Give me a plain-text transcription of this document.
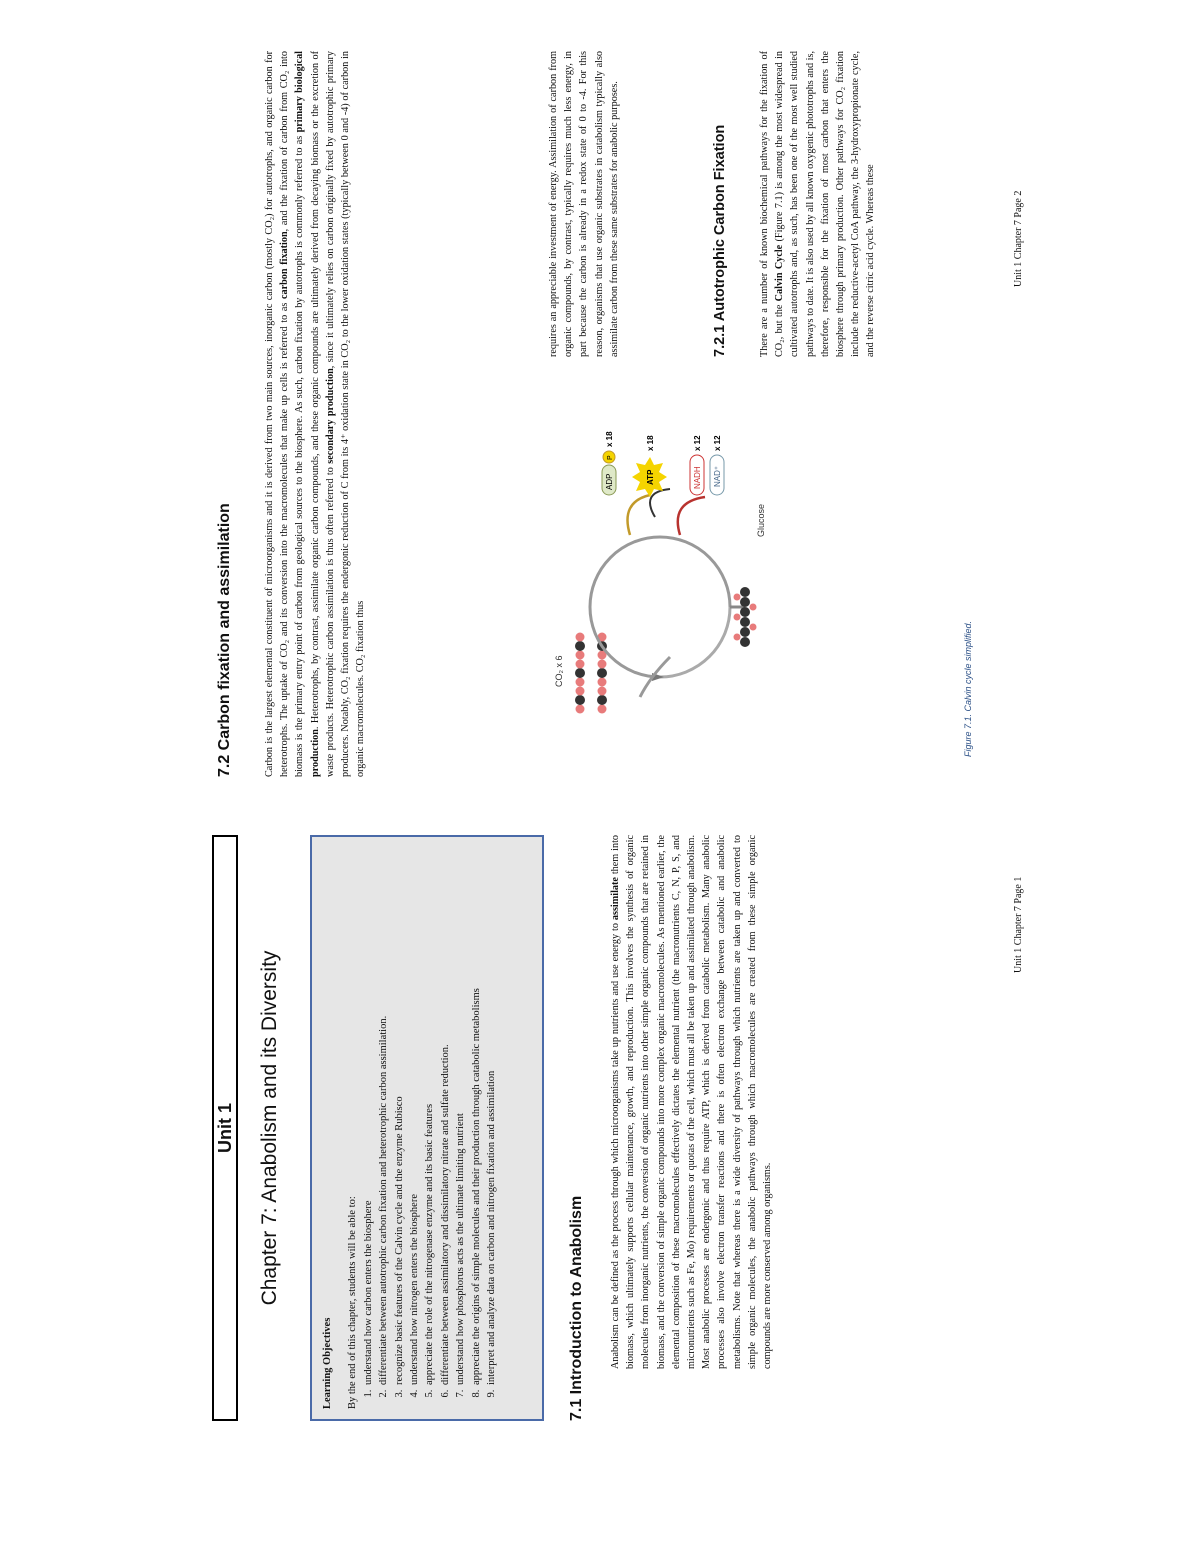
Unit 1 Chapter 7: Anabolism and its Diversity
Learning Objectives By the end of this chapter, students will be able to: 1. understand how carbon enters the biosphere 2. differentiate between autotrophic carbon fixation and heterotrophic carbon assimilation. 3. recognize basic features of the Calvin cycle and the enzyme Rubisco 4. understand how nitrogen enters the biosphere 5. appreciate the role of the nitrogenase enzyme and its basic features 6. differentiate between assimilatory and dissimilatory nitrate and sulfate reduction. 7. understand how phosphorus acts as the ultimate limiting nutrient 8. appreciate the origins of simple molecules and their production through catabolic metabolisms 9. interpret and analyze data on carbon and nitrogen fixation and assimilation	7.1 Introduction to Anabolism Anabolism can be defined as the process through which microorganisms take up nutrients and use energy to assimilate them into biomass, which ultimately supports cellular maintenance, growth, and reproduction. This involves the synthesis of organic molecules from inorganic nutrients, the conversion of organic nutrients into other simple organic compounds that are retained in biomass, and the conversion of simple organic compounds into more complex organic macromolecules. As mentioned earlier, the elemental composition of these macromolecules effectively dictates the elemental nutrient (the macronutrients C, N, P, S, and micronutrients such as Fe, Mo) requirements or quotas of the cell, which must all be taken up and assimilated through anabolism. Most anabolic processes are endergonic and thus require ATP, which is derived from catabolic metabolism. Many anabolic processes also involve electron transfer reactions and there is often electron exchange between catabolic and anabolic metabolisms. Note that whereas there is a wide diversity of pathways through which nutrients are taken up and converted to simple organic molecules, the anabolic pathways through which macromolecules are created from these simple organic compounds are more conserved among organisms.
Unit 1 Chapter 7 Page 1
7.2 Carbon fixation and assimilation	Carbon is the largest elemental constituent of microorganisms and it is derived from two main sources, inorganic carbon (mostly CO₂) for autotrophs, and organic carbon for heterotrophs. The uptake of CO₂ and its conversion into the macromolecules that make up cells is referred to as carbon fixation, and the fixation of carbon from CO₂ into biomass is the primary entry point of carbon from geological sources to the biosphere. As such, carbon fixation by autotrophs is commonly referred to as primary biological production. Heterotrophs, by contrast, assimilate organic carbon compounds, and these organic compounds are ultimately derived from decaying biomass or the excretion of waste products. Heterotrophic carbon assimilation is thus often referred to secondary production, since it ultimately relies on carbon originally fixed by autotrophic primary producers. Notably, CO₂ fixation requires the endergonic reduction of C from its 4⁺ oxidation state in CO₂ to the lower oxidation states (typically between 0 and -4) of carbon in organic macromolecules. CO₂ fixation thus	CO₂ x 6
NADH
x 12
NAD⁺
x 12
ATP
x 18
ADP
P
x 18
Glucose
Figure 7.1. Calvin cycle simplified.
requires an appreciable investment of energy. Assimilation of carbon from organic compounds, by contrast, typically requires much less energy, in part because the carbon is already in a redox state of 0 to -4. For this reason, organisms that use organic substrates in catabolism typically also assimilate carbon from these same substrates for anabolic purposes.	7.2.1 Autotrophic Carbon Fixation	There are a number of known biochemical pathways for the fixation of CO₂, but the Calvin Cycle (Figure 7.1) is among the most widespread in cultivated autotrophs and, as such, has been one of the most well studied pathways to date. It is also used by all known oxygenic phototrophs and is, therefore, responsible for the fixation of most carbon that enters the biosphere through primary production. Other pathways for CO₂ fixation include the reductive-acetyl CoA pathway, the 3-hydroxypropionate cycle, and the reverse citric acid cycle. Whereas these	Unit 1 Chapter 7 Page 2
